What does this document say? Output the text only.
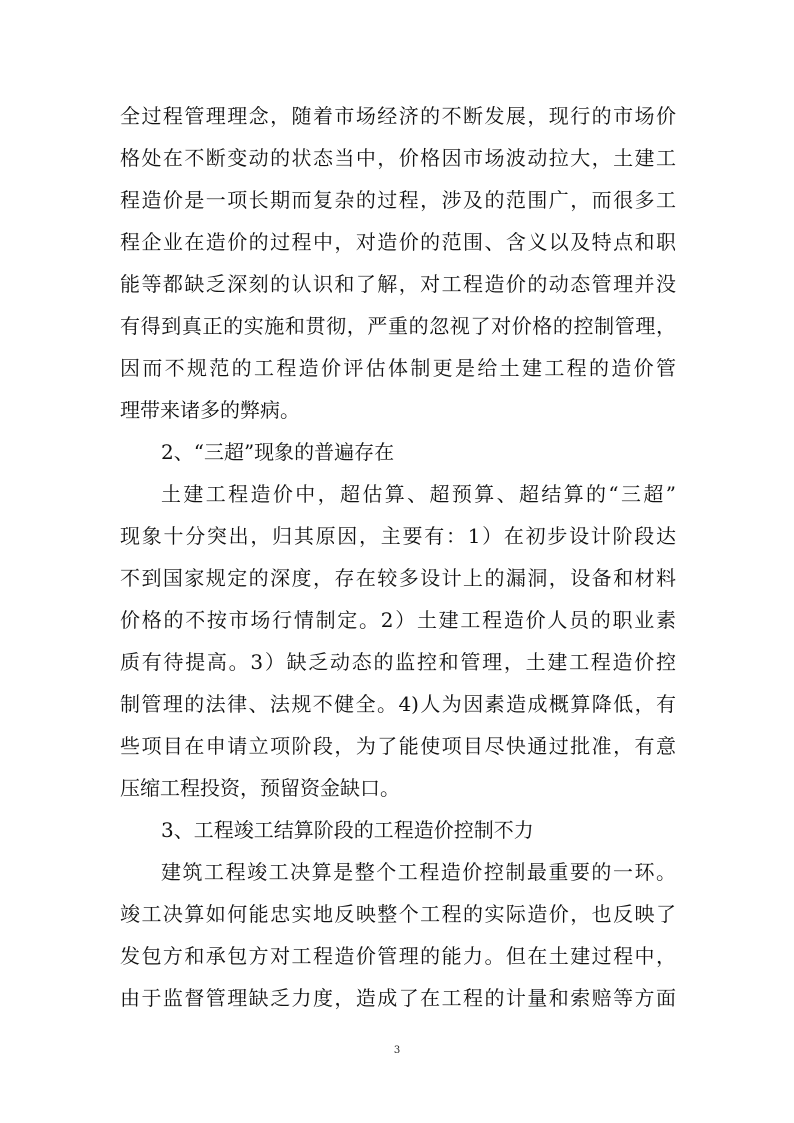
全过程管理理念，随着市场经济的不断发展，现行的市场价
格处在不断变动的状态当中，价格因市场波动拉大，土建工
程造价是一项长期而复杂的过程，涉及的范围广，而很多工
程企业在造价的过程中，对造价的范围、含义以及特点和职
能等都缺乏深刻的认识和了解，对工程造价的动态管理并没
有得到真正的实施和贯彻，严重的忽视了对价格的控制管理，
因而不规范的工程造价评估体制更是给土建工程的造价管
理带来诸多的弊病。
2、“三超”现象的普遍存在
土建工程造价中，超估算、超预算、超结算的“三超”
现象十分突出，归其原因，主要有：1）在初步设计阶段达
不到国家规定的深度，存在较多设计上的漏洞，设备和材料
价格的不按市场行情制定。2）土建工程造价人员的职业素
质有待提高。3）缺乏动态的监控和管理，土建工程造价控
制管理的法律、法规不健全。4)人为因素造成概算降低，有
些项目在申请立项阶段，为了能使项目尽快通过批准，有意
压缩工程投资，预留资金缺口。
3、工程竣工结算阶段的工程造价控制不力
建筑工程竣工决算是整个工程造价控制最重要的一环。
竣工决算如何能忠实地反映整个工程的实际造价，也反映了
发包方和承包方对工程造价管理的能力。但在土建过程中，
由于监督管理缺乏力度，造成了在工程的计量和索赔等方面
3
